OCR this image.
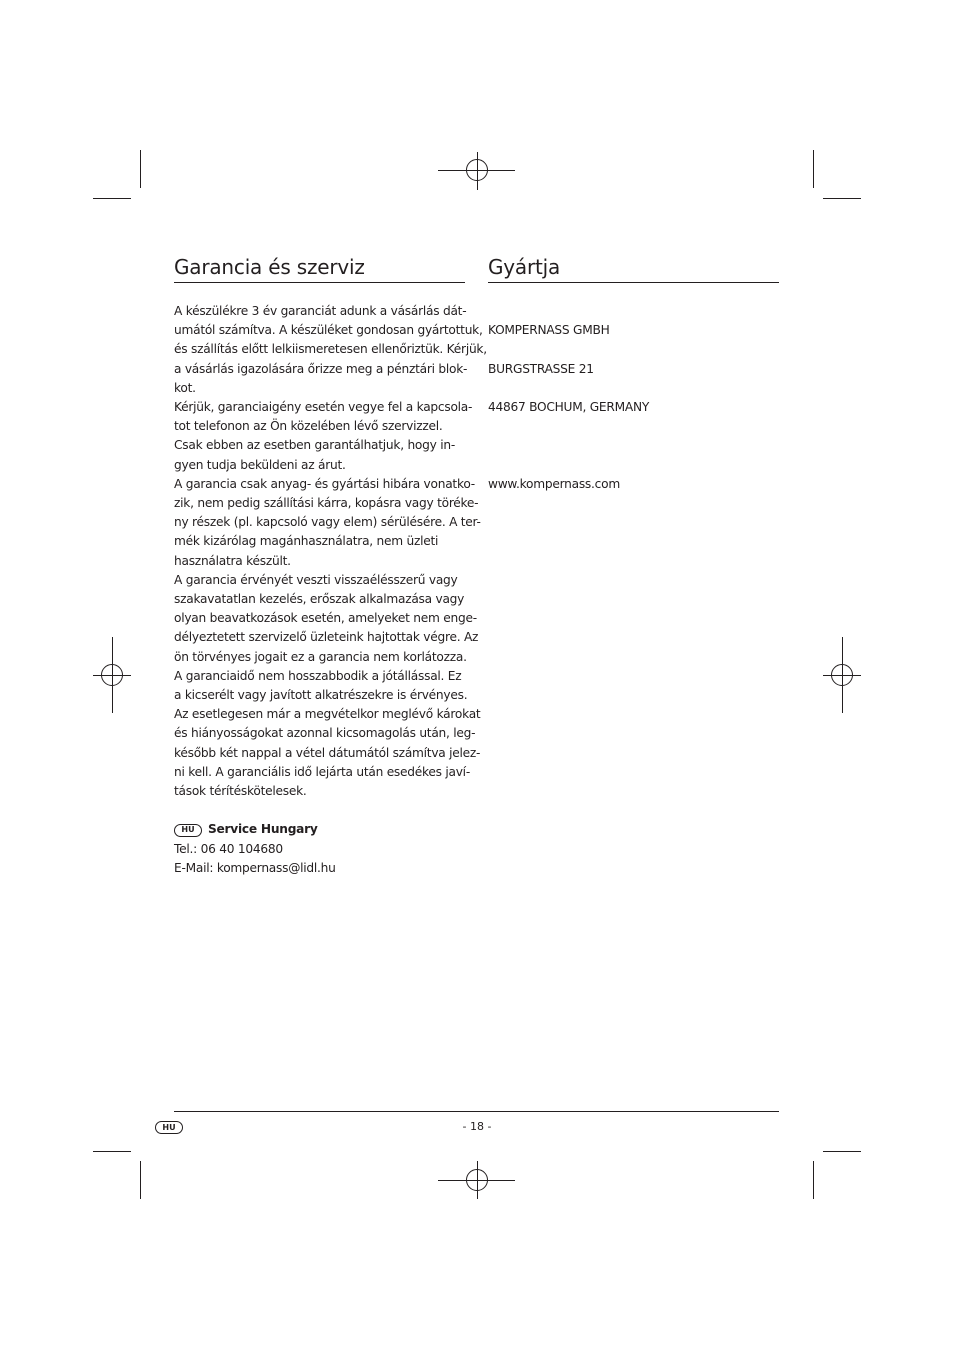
Garancia és szerviz
A készülékre 3 év garanciát adunk a vásárlás dát-
umától számítva. A készüléket gondosan gyártottuk,
és szállítás előtt lelkiismeretesen ellenőriztük. Kérjük,
a vásárlás igazolására őrizze meg a pénztári blok-
kot.
Kérjük, garanciaigény esetén vegye fel a kapcsola-
tot telefonon az Ön közelében lévő szervizzel.
Csak ebben az esetben garantálhatjuk, hogy in-
gyen tudja beküldeni az árut.
A garancia csak anyag- és gyártási hibára vonatko-
zik, nem pedig szállítási kárra, kopásra vagy töréke-
ny részek (pl. kapcsoló vagy elem) sérülésére. A ter-
mék kizárólag magánhasználatra, nem üzleti
használatra készült.
A garancia érvényét veszti visszaélésszerű vagy
szakavatatlan kezelés, erőszak alkalmazása vagy
olyan beavatkozások esetén, amelyeket nem enge-
délyeztetett szervizelő üzleteink hajtottak végre. Az
ön törvényes jogait ez a garancia nem korlátozza.
A garanciaidő nem hosszabbodik a jótállással. Ez
a kicserélt vagy javított alkatrészekre is érvényes.
Az esetlegesen már a megvételkor meglévő károkat
és hiányosságokat azonnal kicsomagolás után, leg-
később két nappal a vétel dátumától számítva jelez-
ni kell. A garanciális idő lejárta után esedékes javí-
tások térítéskötelesek.
HU	Service Hungary
Tel.: 06 40 104680
E-Mail: kompernass@lidl.hu
Gyártja

KOMPERNASS GMBH

BURGSTRASSE 21

44867 BOCHUM, GERMANY

www.kompernass.com

HU	- 18 -
